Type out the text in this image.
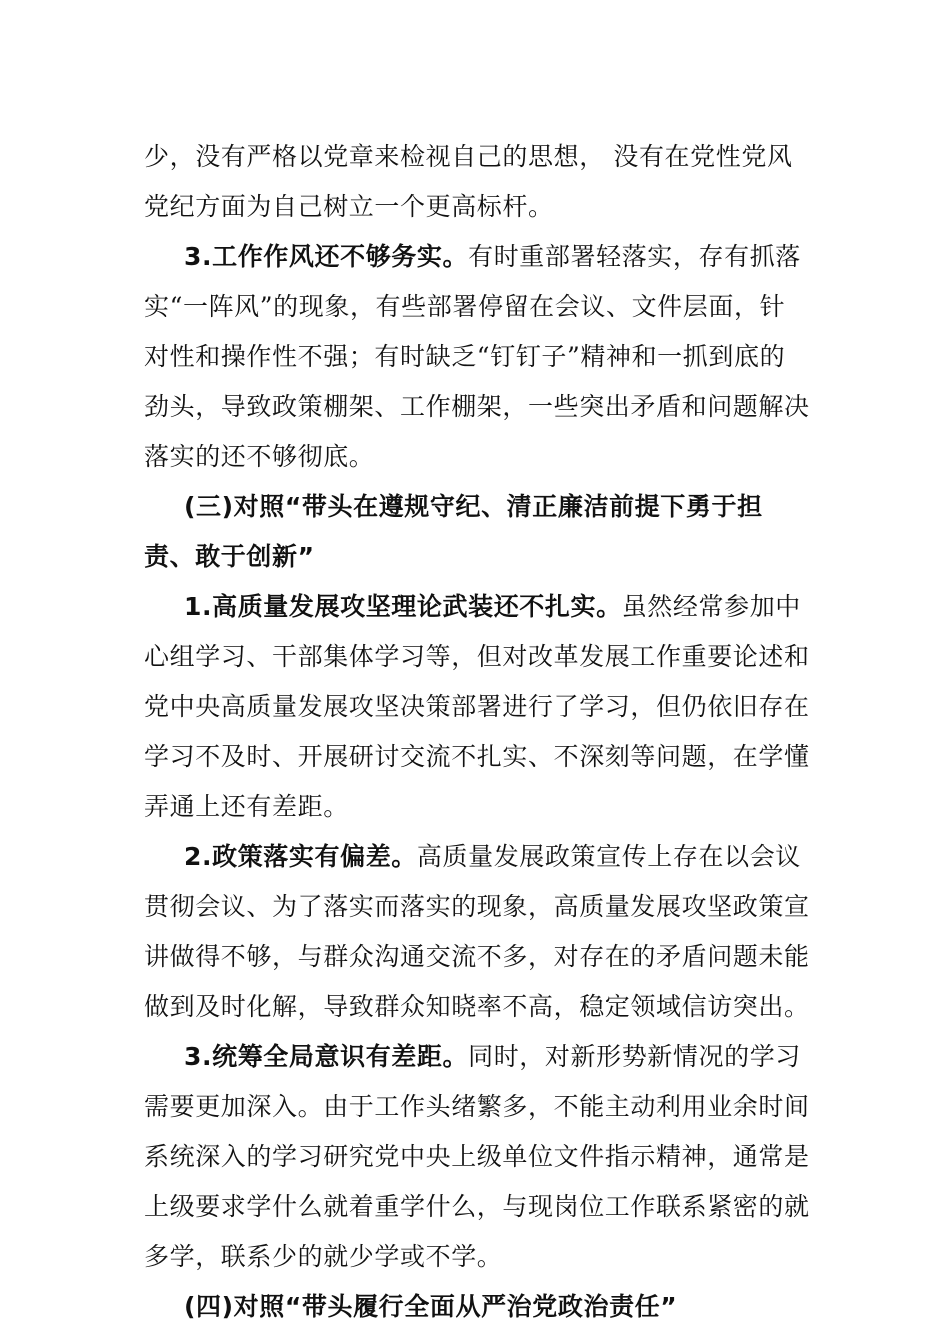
少，没有严格以党章来检视自己的思想， 没有在党性党风党纪方面为自己树立一个更高标杆。

3.工作作风还不够务实。有时重部署轻落实，存有抓落实“一阵风”的现象，有些部署停留在会议、文件层面，针对性和操作性不强；有时缺乏“钉钉子”精神和一抓到底的劲头，导致政策棚架、工作棚架，一些突出矛盾和问题解决落实的还不够彻底。

(三)对照“带头在遵规守纪、清正廉洁前提下勇于担责、敢于创新”

1.高质量发展攻坚理论武装还不扎实。虽然经常参加中心组学习、干部集体学习等，但对改革发展工作重要论述和党中央高质量发展攻坚决策部署进行了学习，但仍依旧存在学习不及时、开展研讨交流不扎实、不深刻等问题，在学懂弄通上还有差距。

2.政策落实有偏差。高质量发展政策宣传上存在以会议贯彻会议、为了落实而落实的现象，高质量发展攻坚政策宣讲做得不够，与群众沟通交流不多，对存在的矛盾问题未能做到及时化解，导致群众知晓率不高，稳定领域信访突出。

3.统筹全局意识有差距。同时，对新形势新情况的学习需要更加深入。由于工作头绪繁多，不能主动利用业余时间系统深入的学习研究党中央上级单位文件指示精神，通常是上级要求学什么就着重学什么，与现岗位工作联系紧密的就多学，联系少的就少学或不学。

(四)对照“带头履行全面从严治党政治责任”
